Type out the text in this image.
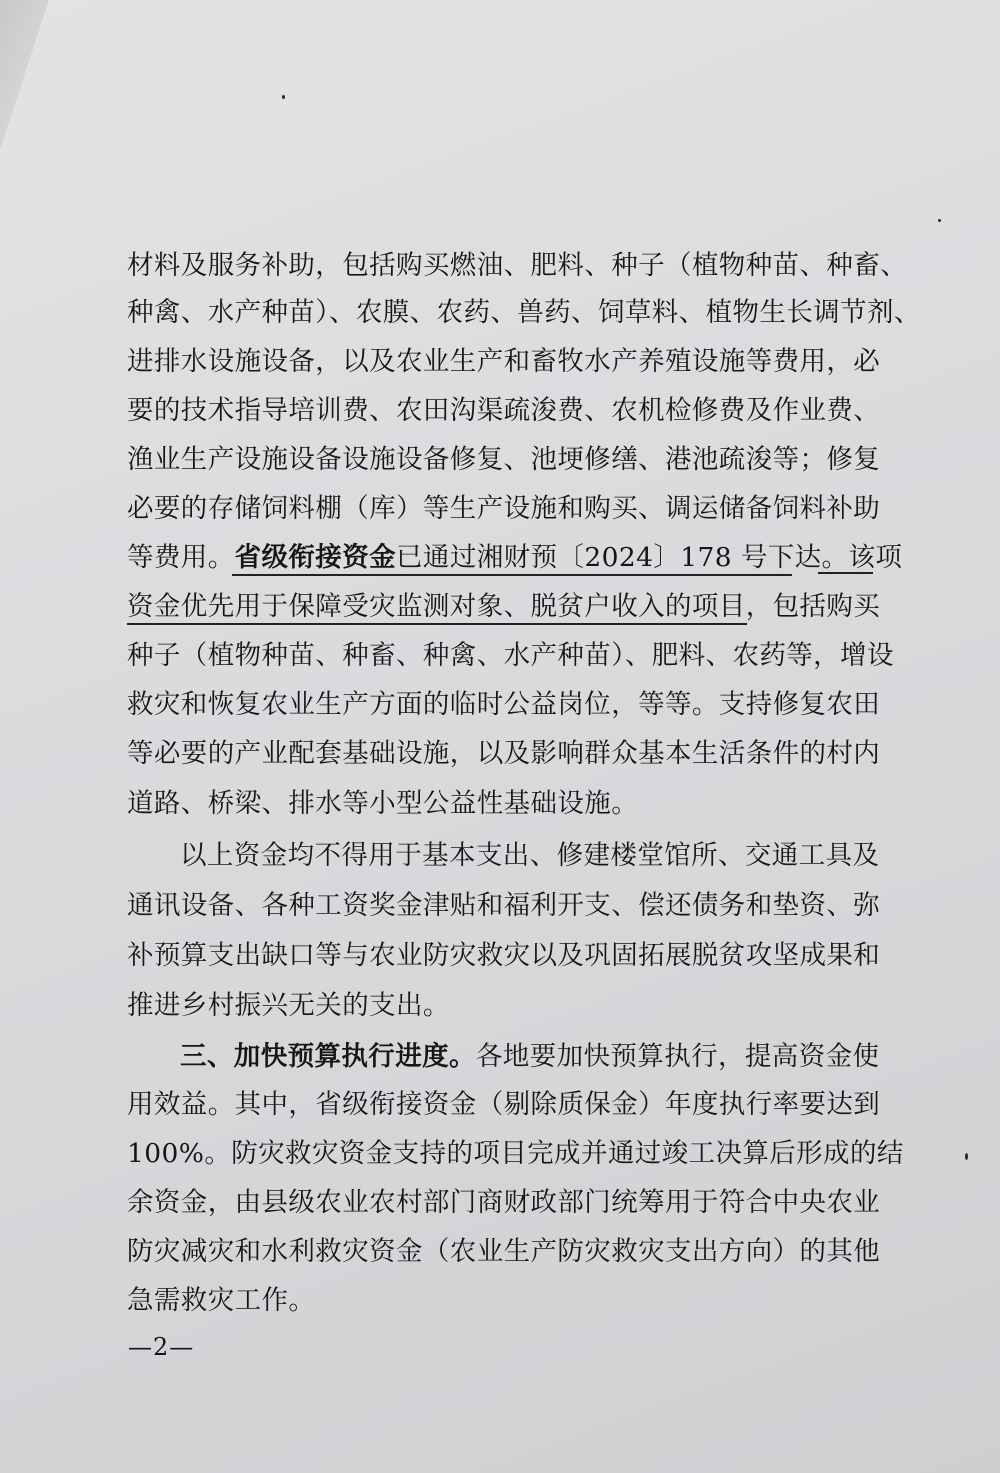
材料及服务补助，包括购买燃油、肥料、种子（植物种苗、种畜、
种禽、水产种苗）、农膜、农药、兽药、饲草料、植物生长调节剂、
进排水设施设备，以及农业生产和畜牧水产养殖设施等费用，必
要的技术指导培训费、农田沟渠疏浚费、农机检修费及作业费、
渔业生产设施设备设施设备修复、池埂修缮、港池疏浚等；修复
必要的存储饲料棚（库）等生产设施和购买、调运储备饲料补助
等费用。省级衔接资金已通过湘财预〔2024〕178 号下达。该项
资金优先用于保障受灾监测对象、脱贫户收入的项目，包括购买
种子（植物种苗、种畜、种禽、水产种苗）、肥料、农药等，增设
救灾和恢复农业生产方面的临时公益岗位，等等。支持修复农田
等必要的产业配套基础设施，以及影响群众基本生活条件的村内
道路、桥梁、排水等小型公益性基础设施。
以上资金均不得用于基本支出、修建楼堂馆所、交通工具及
通讯设备、各种工资奖金津贴和福利开支、偿还债务和垫资、弥
补预算支出缺口等与农业防灾救灾以及巩固拓展脱贫攻坚成果和
推进乡村振兴无关的支出。
三、加快预算执行进度。各地要加快预算执行，提高资金使
用效益。其中，省级衔接资金（剔除质保金）年度执行率要达到
100%。防灾救灾资金支持的项目完成并通过竣工决算后形成的结
余资金，由县级农业农村部门商财政部门统筹用于符合中央农业
防灾减灾和水利救灾资金（农业生产防灾救灾支出方向）的其他
急需救灾工作。
—2—
